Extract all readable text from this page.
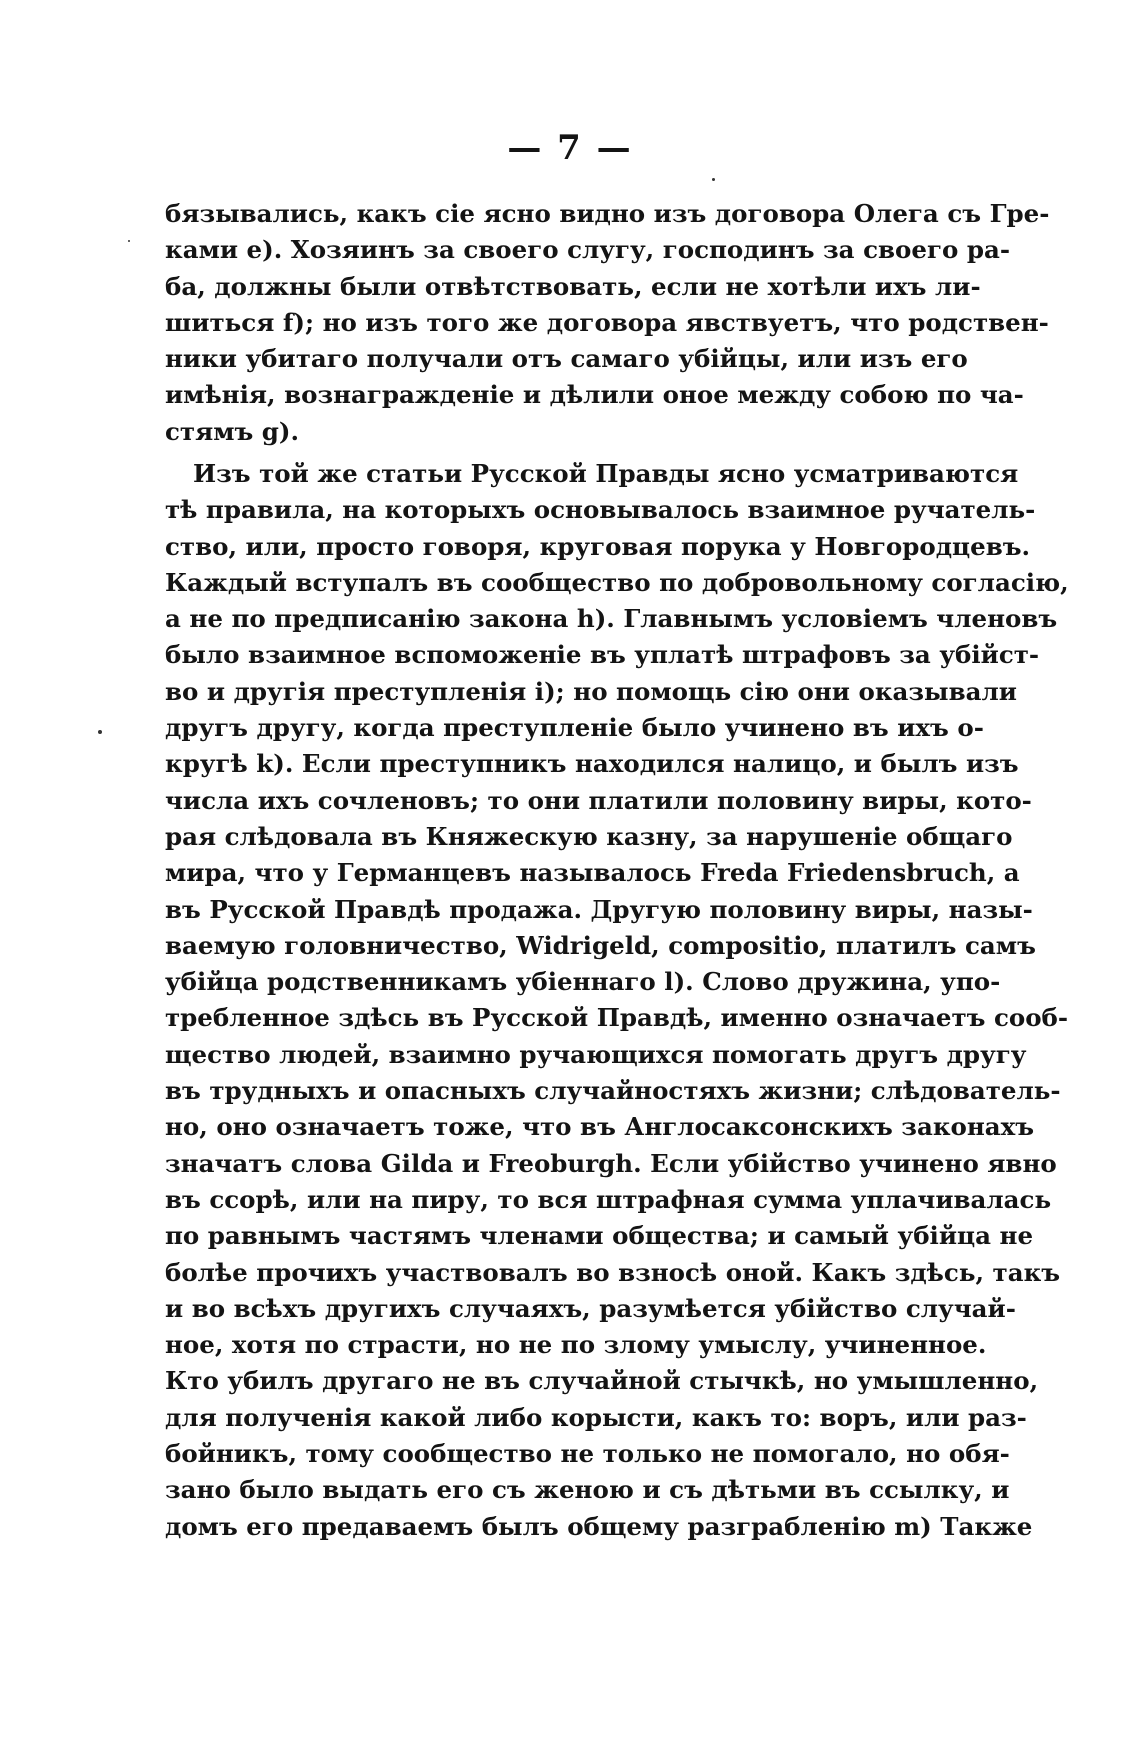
— 7 —
бязывались, какъ сіе ясно видно изъ договора Олега съ Гре-
ками е). Хозяинъ за своего слугу, господинъ за своего ра-
ба, должны были отвѣтствовать, если не хотѣли ихъ ли-
шиться f); но изъ того же договора явствуетъ, что родствен-
ники убитаго получали отъ самаго убійцы, или изъ его
имѣнія, вознагражденіе и дѣлили оное между собою по ча-
стямъ g).
Изъ той же статьи Русской Правды ясно усматриваются
тѣ правила, на которыхъ основывалось взаимное ручатель-
ство, или, просто говоря, круговая порука у Новгородцевъ.
Каждый вступалъ въ сообщество по добровольному согласію,
а не по предписанію закона h). Главнымъ условіемъ членовъ
было взаимное вспоможеніе въ уплатѣ штрафовъ за убійст-
во и другія преступленія i); но помощь сію они оказывали
другъ другу, когда преступленіе было учинено въ ихъ о-
кругѣ k). Если преступникъ находился налицо, и былъ изъ
числа ихъ сочленовъ; то они платили половину виры, кото-
рая слѣдовала въ Княжескую казну, за нарушеніе общаго
мира, что у Германцевъ называлось Freda Friedensbruch, а
въ Русской Правдѣ продажа. Другую половину виры, назы-
ваемую головничество, Widrigeld, compositio, платилъ самъ
убійца родственникамъ убіеннаго l). Слово дружина, упо-
требленное здѣсь въ Русской Правдѣ, именно означаетъ сооб-
щество людей, взаимно ручающихся помогать другъ другу
въ трудныхъ и опасныхъ случайностяхъ жизни; слѣдователь-
но, оно означаетъ тоже, что въ Англосаксонскихъ законахъ
значатъ слова Gilda и Freoburgh. Если убійство учинено явно
въ ссорѣ, или на пиру, то вся штрафная сумма уплачивалась
по равнымъ частямъ членами общества; и самый убійца не
болѣе прочихъ участвовалъ во взносѣ оной. Какъ здѣсь, такъ
и во всѣхъ другихъ случаяхъ, разумѣется убійство случай-
ное, хотя по страсти, но не по злому умыслу, учиненное.
Кто убилъ другаго не въ случайной стычкѣ, но умышленно,
для полученія какой либо корысти, какъ то: воръ, или раз-
бойникъ, тому сообщество не только не помогало, но обя-
зано было выдать его съ женою и съ дѣтьми въ ссылку, и
домъ его предаваемъ былъ общему разграбленію m) Также
